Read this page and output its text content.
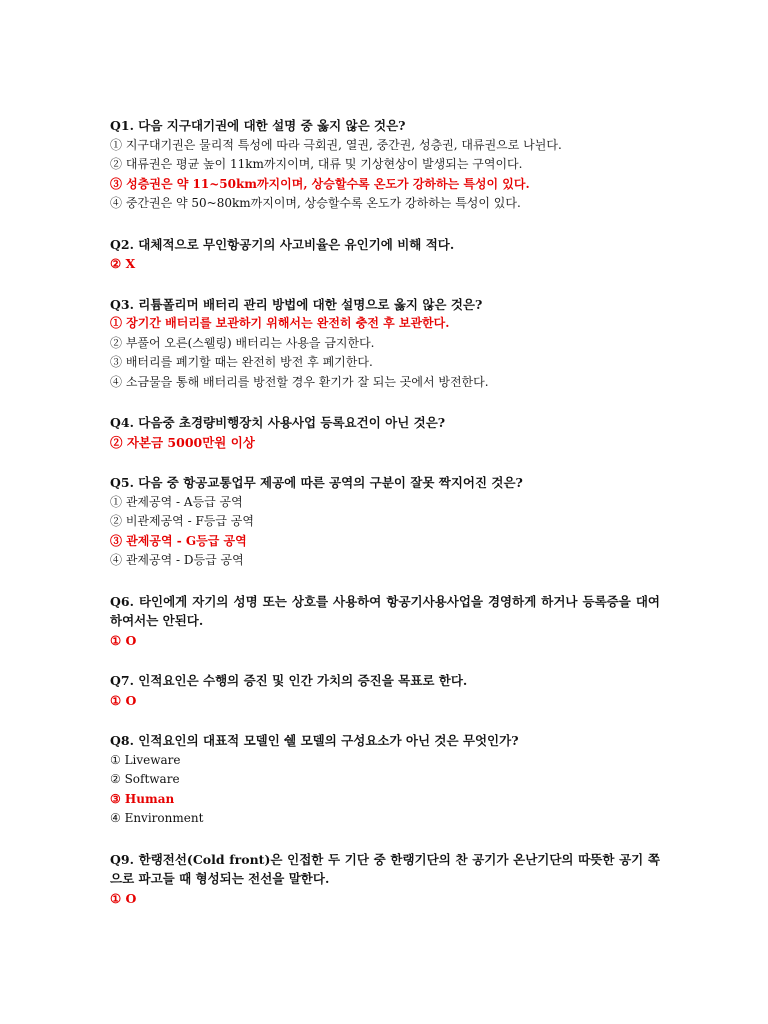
Q1. 다음 지구대기권에 대한 설명 중 옳지 않은 것은?

① 지구대기권은 물리적 특성에 따라 극회권, 열권, 중간권, 성층권, 대류권으로 나뉜다.
② 대류권은 평균 높이 11km까지이며, 대류 및 기상현상이 발생되는 구역이다.
③ 성층권은 약 11~50km까지이며, 상승할수록 온도가 강하하는 특성이 있다.
④ 중간권은 약 50~80km까지이며, 상승할수록 온도가 강하하는 특성이 있다.

Q2. 대체적으로 무인항공기의 사고비율은 유인기에 비해 적다.

② X

Q3. 리튬폴리머 배터리 관리 방법에 대한 설명으로 옳지 않은 것은?

① 장기간 배터리를 보관하기 위해서는 완전히 충전 후 보관한다.
② 부풀어 오른(스웰링) 배터리는 사용을 금지한다.
③ 배터리를 폐기할 때는 완전히 방전 후 폐기한다.
④ 소금물을 통해 배터리를 방전할 경우 환기가 잘 되는 곳에서 방전한다.

Q4. 다음중 초경량비행장치 사용사업 등록요건이 아닌 것은?

② 자본금 5000만원 이상

Q5. 다음 중 항공교통업무 제공에 따른 공역의 구분이 잘못 짝지어진 것은?

① 관제공역 - A등급 공역
② 비관제공역 - F등급 공역
③ 관제공역 - G등급 공역
④ 관제공역 - D등급 공역

Q6. 타인에게 자기의 성명 또는 상호를 사용하여 항공기사용사업을 경영하게 하거나 등록증을 대여하여서는 안된다.

① O

Q7. 인적요인은 수행의 증진 및 인간 가치의 증진을 목표로 한다.

① O

Q8. 인적요인의 대표적 모델인 쉘 모델의 구성요소가 아닌 것은 무엇인가?

① Liveware
② Software
③ Human
④ Environment

Q9. 한랭전선(Cold front)은 인접한 두 기단 중 한랭기단의 찬 공기가 온난기단의 따뜻한 공기 쪽으로 파고들 때 형성되는 전선을 말한다.

① O
